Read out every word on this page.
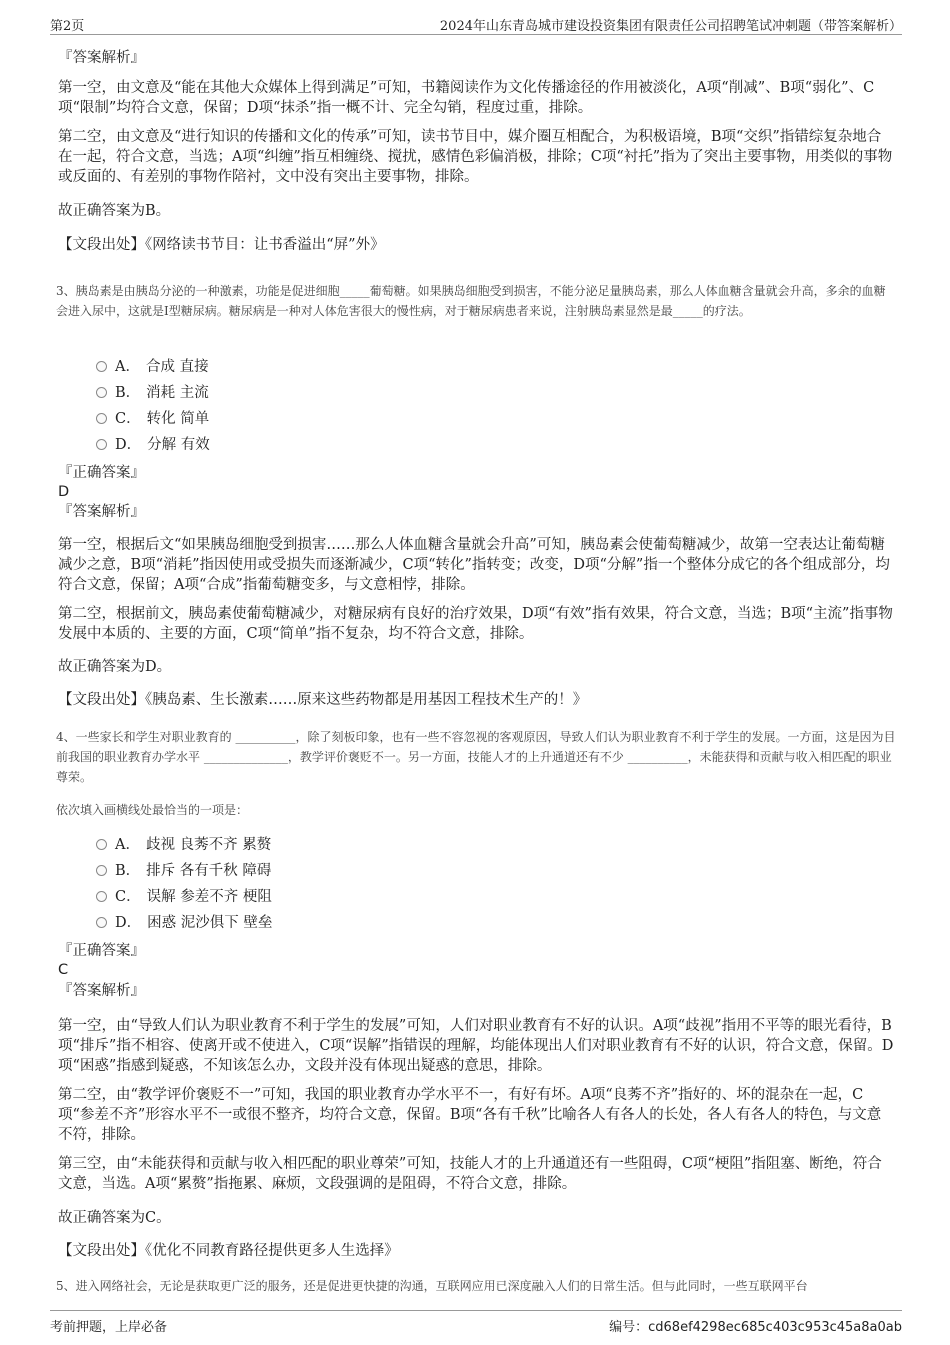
第2页	2024年山东青岛城市建设投资集团有限责任公司招聘笔试冲刺题（带答案解析）
『答案解析』
第一空，由文意及“能在其他大众媒体上得到满足”可知，书籍阅读作为文化传播途径的作用被淡化，A项“削减”、B项“弱化”、C项“限制”均符合文意，保留；D项“抹杀”指一概不计、完全勾销，程度过重，排除。
第二空，由文意及“进行知识的传播和文化的传承”可知，读书节目中，媒介圈互相配合，为积极语境，B项“交织”指错综复杂地合在一起，符合文意，当选；A项“纠缠”指互相缠绕、搅扰，感情色彩偏消极，排除；C项“衬托”指为了突出主要事物，用类似的事物或反面的、有差别的事物作陪衬，文中没有突出主要事物，排除。
故正确答案为B。
【文段出处】《网络读书节目：让书香溢出“屏”外》
3、胰岛素是由胰岛分泌的一种激素，功能是促进细胞_____葡萄糖。如果胰岛细胞受到损害，不能分泌足量胰岛素，那么人体血糖含量就会升高，多余的血糖会进入尿中，这就是I型糖尿病。糖尿病是一种对人体危害很大的慢性病，对于糖尿病患者来说，注射胰岛素显然是最_____的疗法。
A． 合成 直接
B． 消耗 主流
C． 转化 简单
D． 分解 有效
『正确答案』
D
『答案解析』
第一空，根据后文“如果胰岛细胞受到损害……那么人体血糖含量就会升高”可知，胰岛素会使葡萄糖减少，故第一空表达让葡萄糖减少之意，B项“消耗”指因使用或受损失而逐渐减少，C项“转化”指转变；改变，D项“分解”指一个整体分成它的各个组成部分，均符合文意，保留；A项“合成”指葡萄糖变多，与文意相悖，排除。
第二空，根据前文，胰岛素使葡萄糖减少，对糖尿病有良好的治疗效果，D项“有效”指有效果，符合文意，当选；B项“主流”指事物发展中本质的、主要的方面，C项“简单”指不复杂，均不符合文意，排除。
故正确答案为D。
【文段出处】《胰岛素、生长激素……原来这些药物都是用基因工程技术生产的！》
4、一些家长和学生对职业教育的 __________，除了刻板印象，也有一些不容忽视的客观原因，导致人们认为职业教育不利于学生的发展。一方面，这是因为目前我国的职业教育办学水平 ______________，教学评价褒贬不一。另一方面，技能人才的上升通道还有不少 __________，未能获得和贡献与收入相匹配的职业尊荣。
依次填入画横线处最恰当的一项是：
A． 歧视 良莠不齐 累赘
B． 排斥 各有千秋 障碍
C． 误解 参差不齐 梗阻
D． 困惑 泥沙俱下 壁垒
『正确答案』
C
『答案解析』
第一空，由“导致人们认为职业教育不利于学生的发展”可知，人们对职业教育有不好的认识。A项“歧视”指用不平等的眼光看待，B项“排斥”指不相容、使离开或不使进入，C项“误解”指错误的理解，均能体现出人们对职业教育有不好的认识，符合文意，保留。D项“困惑”指感到疑惑，不知该怎么办，文段并没有体现出疑惑的意思，排除。
第二空，由“教学评价褒贬不一”可知，我国的职业教育办学水平不一，有好有坏。A项“良莠不齐”指好的、坏的混杂在一起，C项“参差不齐”形容水平不一或很不整齐，均符合文意，保留。B项“各有千秋”比喻各人有各人的长处，各人有各人的特色，与文意不符，排除。
第三空，由“未能获得和贡献与收入相匹配的职业尊荣”可知，技能人才的上升通道还有一些阻碍，C项“梗阻”指阻塞、断绝，符合文意，当选。A项“累赘”指拖累、麻烦，文段强调的是阻碍，不符合文意，排除。
故正确答案为C。
【文段出处】《优化不同教育路径提供更多人生选择》
5、进入网络社会，无论是获取更广泛的服务，还是促进更快捷的沟通，互联网应用已深度融入人们的日常生活。但与此同时，一些互联网平台
考前押题，上岸必备	编号：cd68ef4298ec685c403c953c45a8a0ab
